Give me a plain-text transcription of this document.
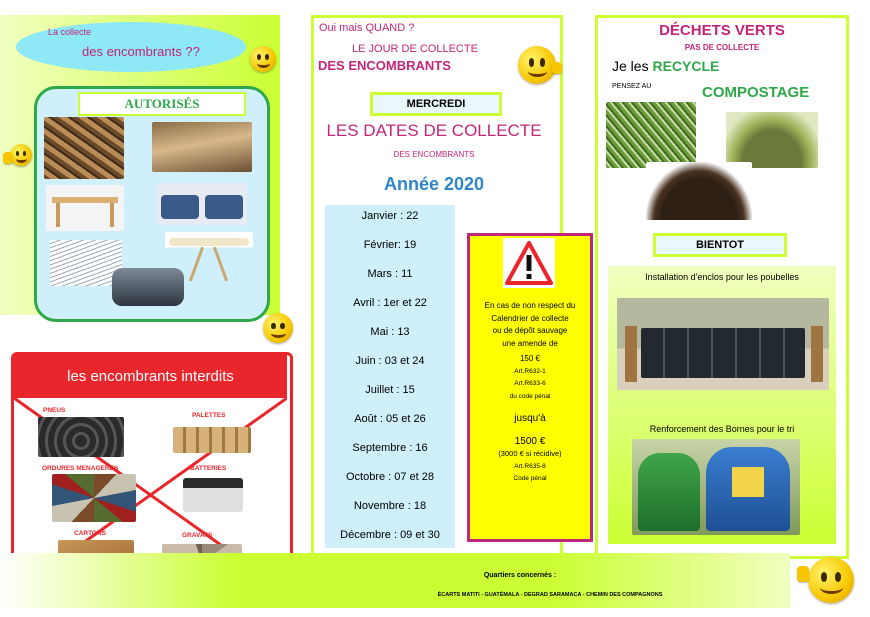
La collecte
des encombrants ??
AUTORISÉS
les encombrants interdits
PNEUS
PALETTES
ORDURES MENAGERES	BATTERIES
CARTONS	GRAVATS
Oui mais QUAND ?
LE JOUR DE COLLECTE
DES ENCOMBRANTS
MERCREDI
LES DATES DE COLLECTE
DES ENCOMBRANTS
Année 2020
Janvier : 22
Février: 19
Mars : 11
Avril : 1er et 22
Mai : 13
Juin : 03 et 24
Juillet : 15
Août : 05 et 26
Septembre : 16
Octobre : 07 et 28
Novembre : 18
Décembre : 09 et 30
En cas de non respect du
Calendrier de collecte
ou de dépôt sauvage
une amende de
150 €
Art.R632-1
Art.R633-6
du code pénal
jusqu'à
1500 €
(3000 € si récidive)
Art.R635-8
Code pénal
DÉCHETS VERTS
PAS DE COLLECTE
Je les RECYCLE
PENSEZ AU	COMPOSTAGE
BIENTOT
Installation d'enclos pour les poubelles
Renforcement des Bornes pour le tri
Quartiers concernés :
ÉCARTS MATITI - GUATÉMALA - DEGRAD SARAMACA - CHEMIN DES COMPAGNONS
